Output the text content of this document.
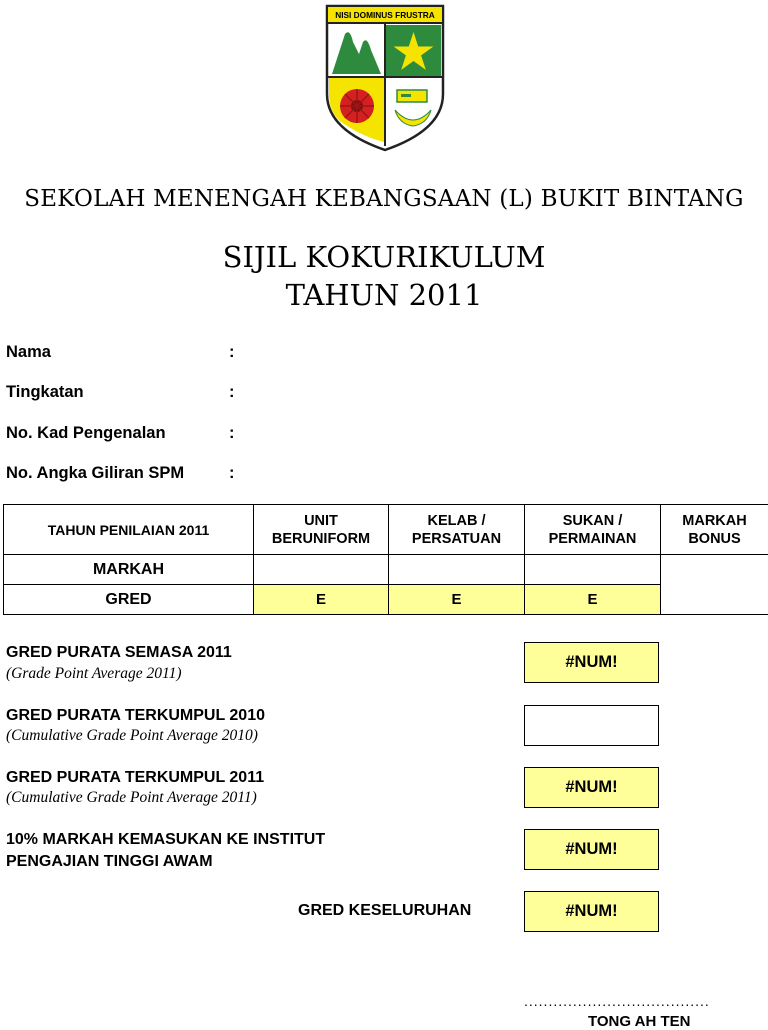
NISI DOMINUS FRUSTRA
SEKOLAH MENENGAH KEBANGSAAN (L) BUKIT BINTANG
SIJIL KOKURIKULUM
TAHUN 2011
Nama	:
Tingkatan	:
No. Kad Pengenalan	:
No. Angka Giliran SPM	:
TAHUN PENILAIAN 2011	UNIT BERUNIFORM	KELAB / PERSATUAN	SUKAN / PERMAINAN	MARKAH BONUS
MARKAH				
GRED	E	E	E	
GRED PURATA SEMASA 2011
(Grade Point Average 2011)
#NUM!
GRED PURATA TERKUMPUL 2010
(Cumulative Grade Point Average 2010)
GRED PURATA TERKUMPUL 2011
(Cumulative Grade Point Average 2011)
#NUM!
10% MARKAH KEMASUKAN KE INSTITUT
PENGAJIAN TINGGI AWAM
#NUM!
GRED KESELURUHAN	#NUM!
......................................
TONG AH TEN
